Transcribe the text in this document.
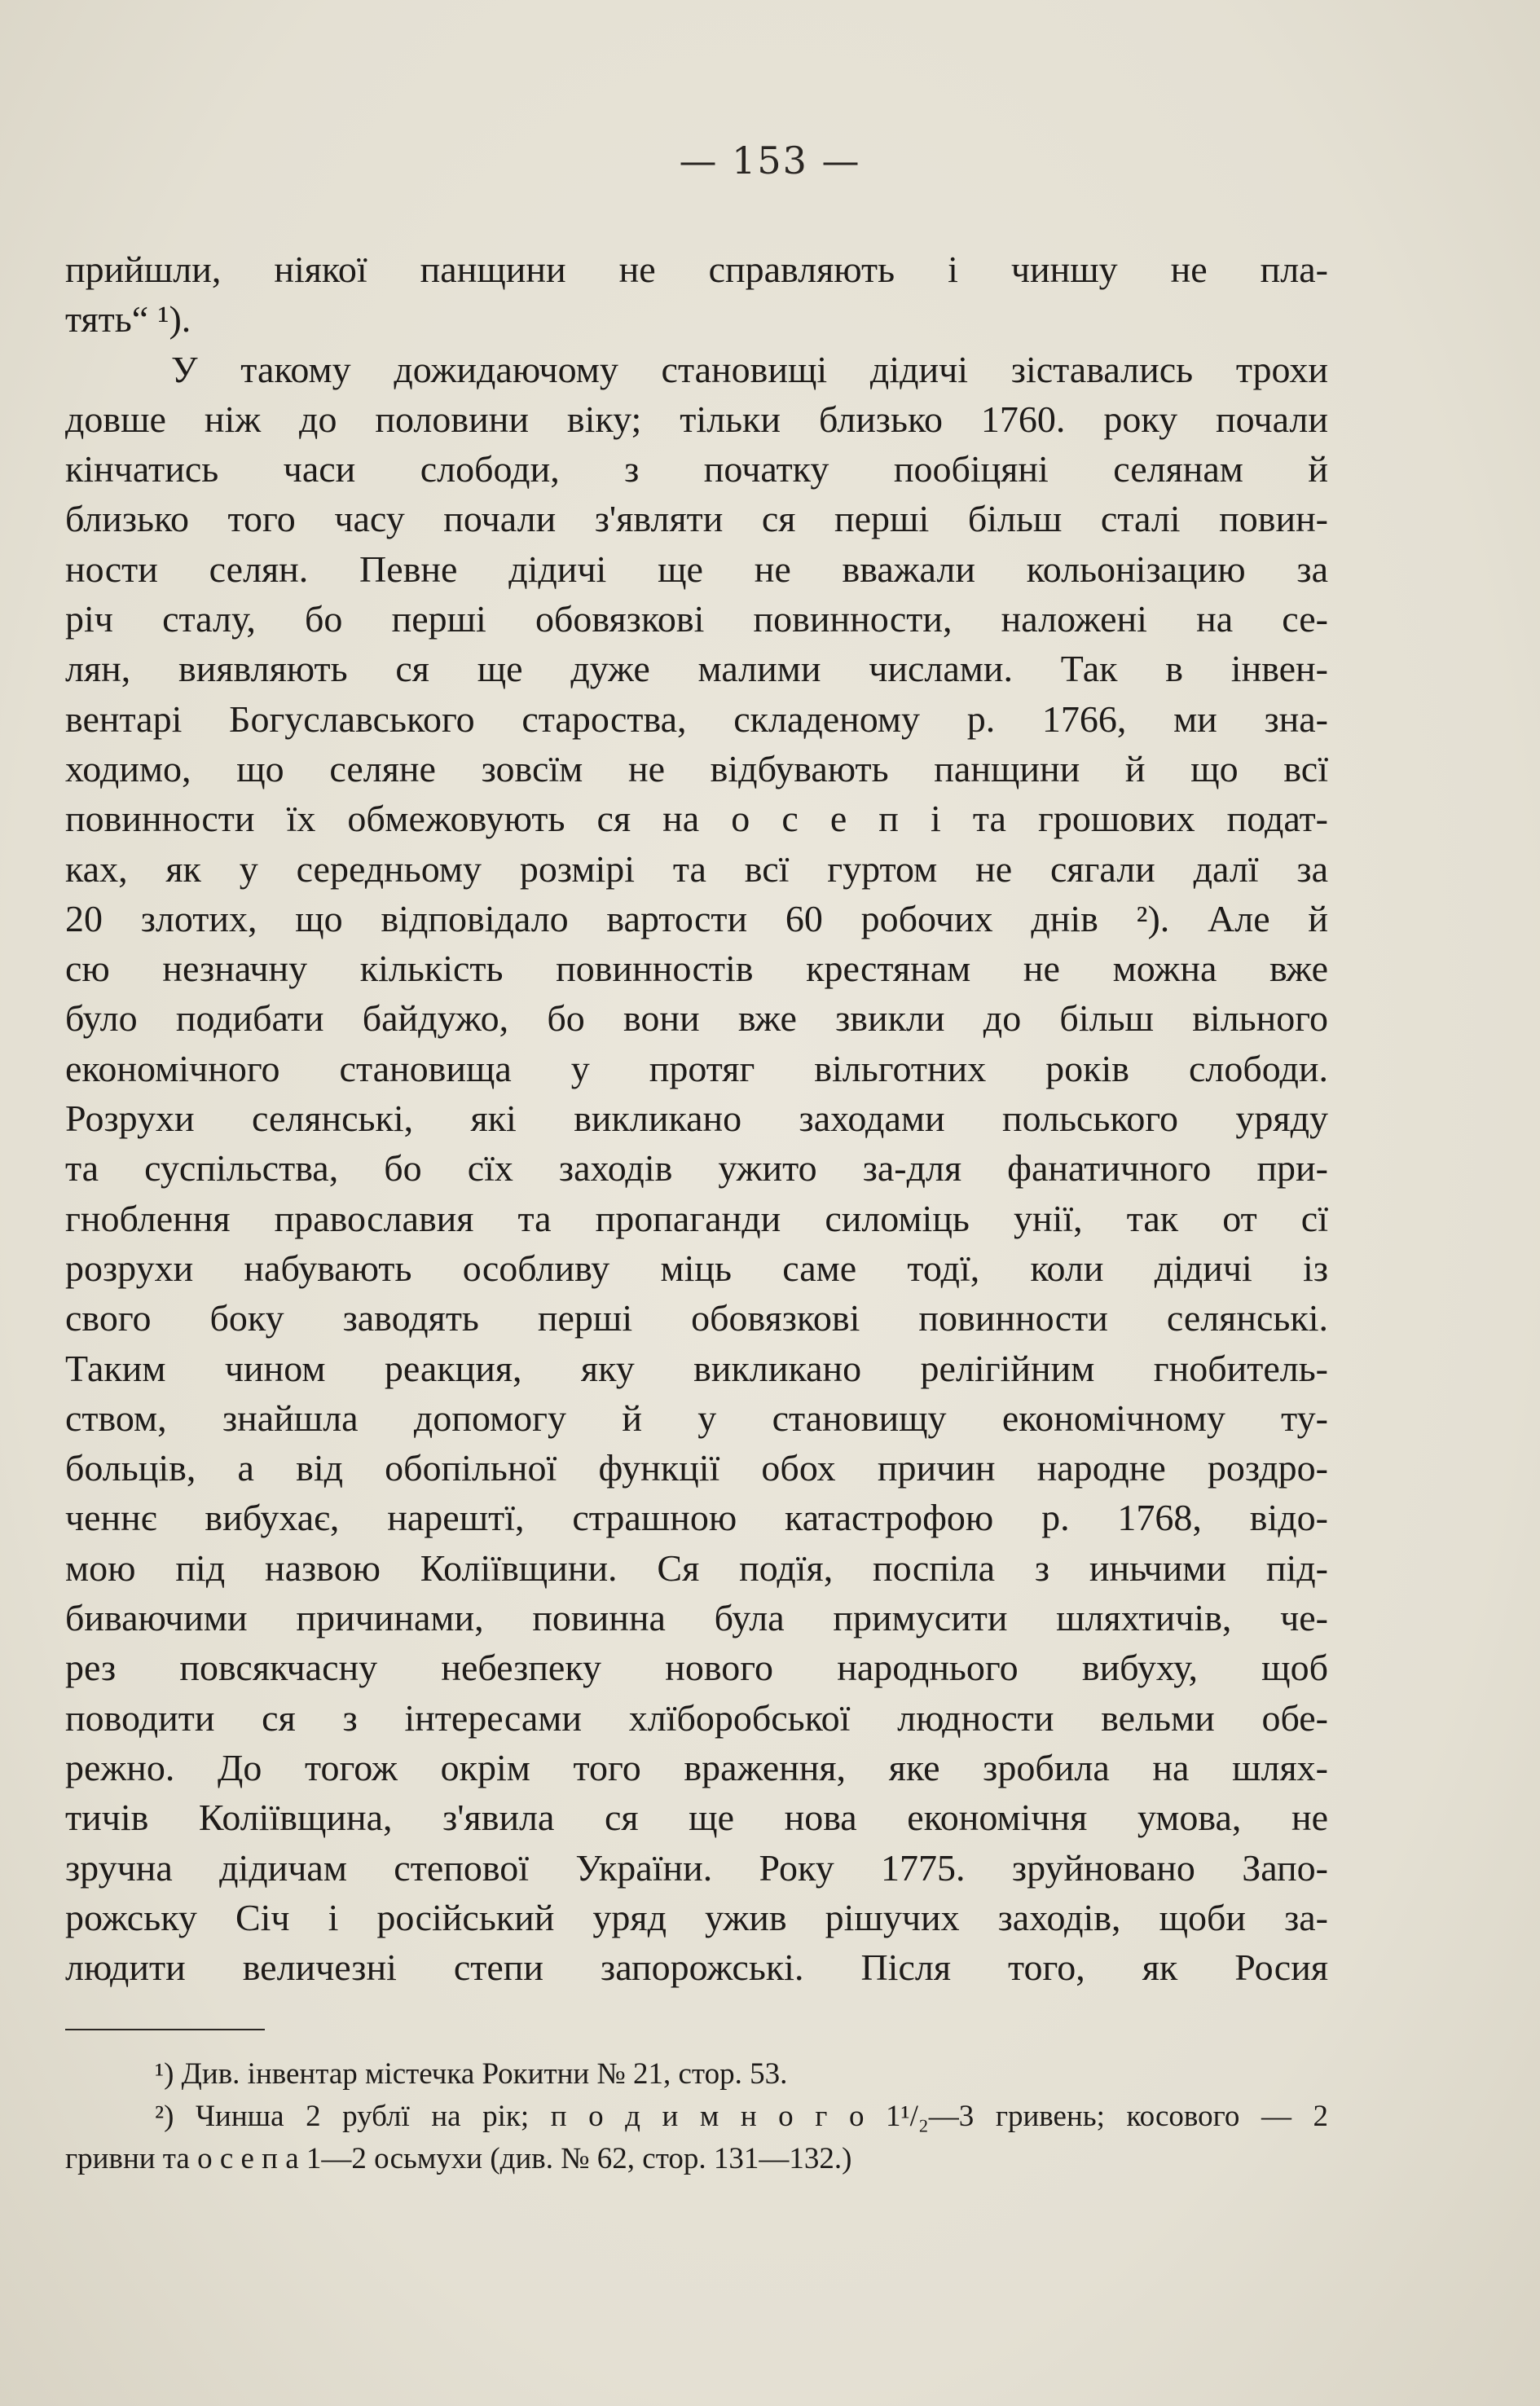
— 153 —
прийшли, ніякої панщини не справляють і чиншу не пла-
тять“ ¹).
У такому дожидаючому становищі дідичі зіставались трохи
довше ніж до половини віку; тільки близько 1760. року почали
кінчатись часи слободи, з початку пообіцяні селянам й
близько того часу почали з'являти ся перші більш сталі повин-
ности селян. Певне дідичі ще не вважали кольонізацию за
річ сталу, бо перші обовязкові повинности, наложені на се-
лян, виявляють ся ще дуже малими числами. Так в інвен-
вентарі Богуславського староства, складеному р. 1766, ми зна-
ходимо, що селяне зовсїм не відбувають панщини й що всї
повинности їх обмежовують ся на о с е п і та грошових подат-
ках, як у середньому розмірі та всї гуртом не сягали далї за
20 злотих, що відповідало вартости 60 робочих днів ²). Але й
сю незначну кількість повинностів крестянам не можна вже
було подибати байдужо, бо вони вже звикли до більш вільного
економічного становища у протяг вільготних років слободи.
Розрухи селянські, які викликано заходами польського уряду
та суспільства, бо сїх заходів ужито за-для фанатичного при-
гноблення православия та пропаганди силоміць унії, так от сї
розрухи набувають особливу міць саме тодї, коли дідичі із
свого боку заводять перші обовязкові повинности селянські.
Таким чином реакция, яку викликано релігійним гнобитель-
ством, знайшла допомогу й у становищу економічному ту-
больців, а від обопільної функції обох причин народне роздро-
ченнє вибухає, нарештї, страшною катастрофою р. 1768, відо-
мою під назвою Коліївщини. Ся подїя, поспіла з иньчими під-
биваючими причинами, повинна була примусити шляхтичів, че-
рез повсякчасну небезпеку нового народнього вибуху, щоб
поводити ся з інтересами хлїборобської людности вельми обе-
режно. До тогож окрім того враження, яке зробила на шлях-
тичів Коліївщина, з'явила ся ще нова економічня умова, не
зручна дідичам степової України. Року 1775. зруйновано Запо-
рожську Січ і російський уряд ужив рішучих заходів, щоби за-
людити величезні степи запорожські. Після того, як Росия
¹) Див. інвентар містечка Рокитни № 21, стор. 53.
²) Чинша 2 рублї на рік; п о д и м н о г о 1¹/₂—3 гривень; косового — 2
гривни та о с е п а 1—2 осьмухи (див. № 62, стор. 131—132.)
